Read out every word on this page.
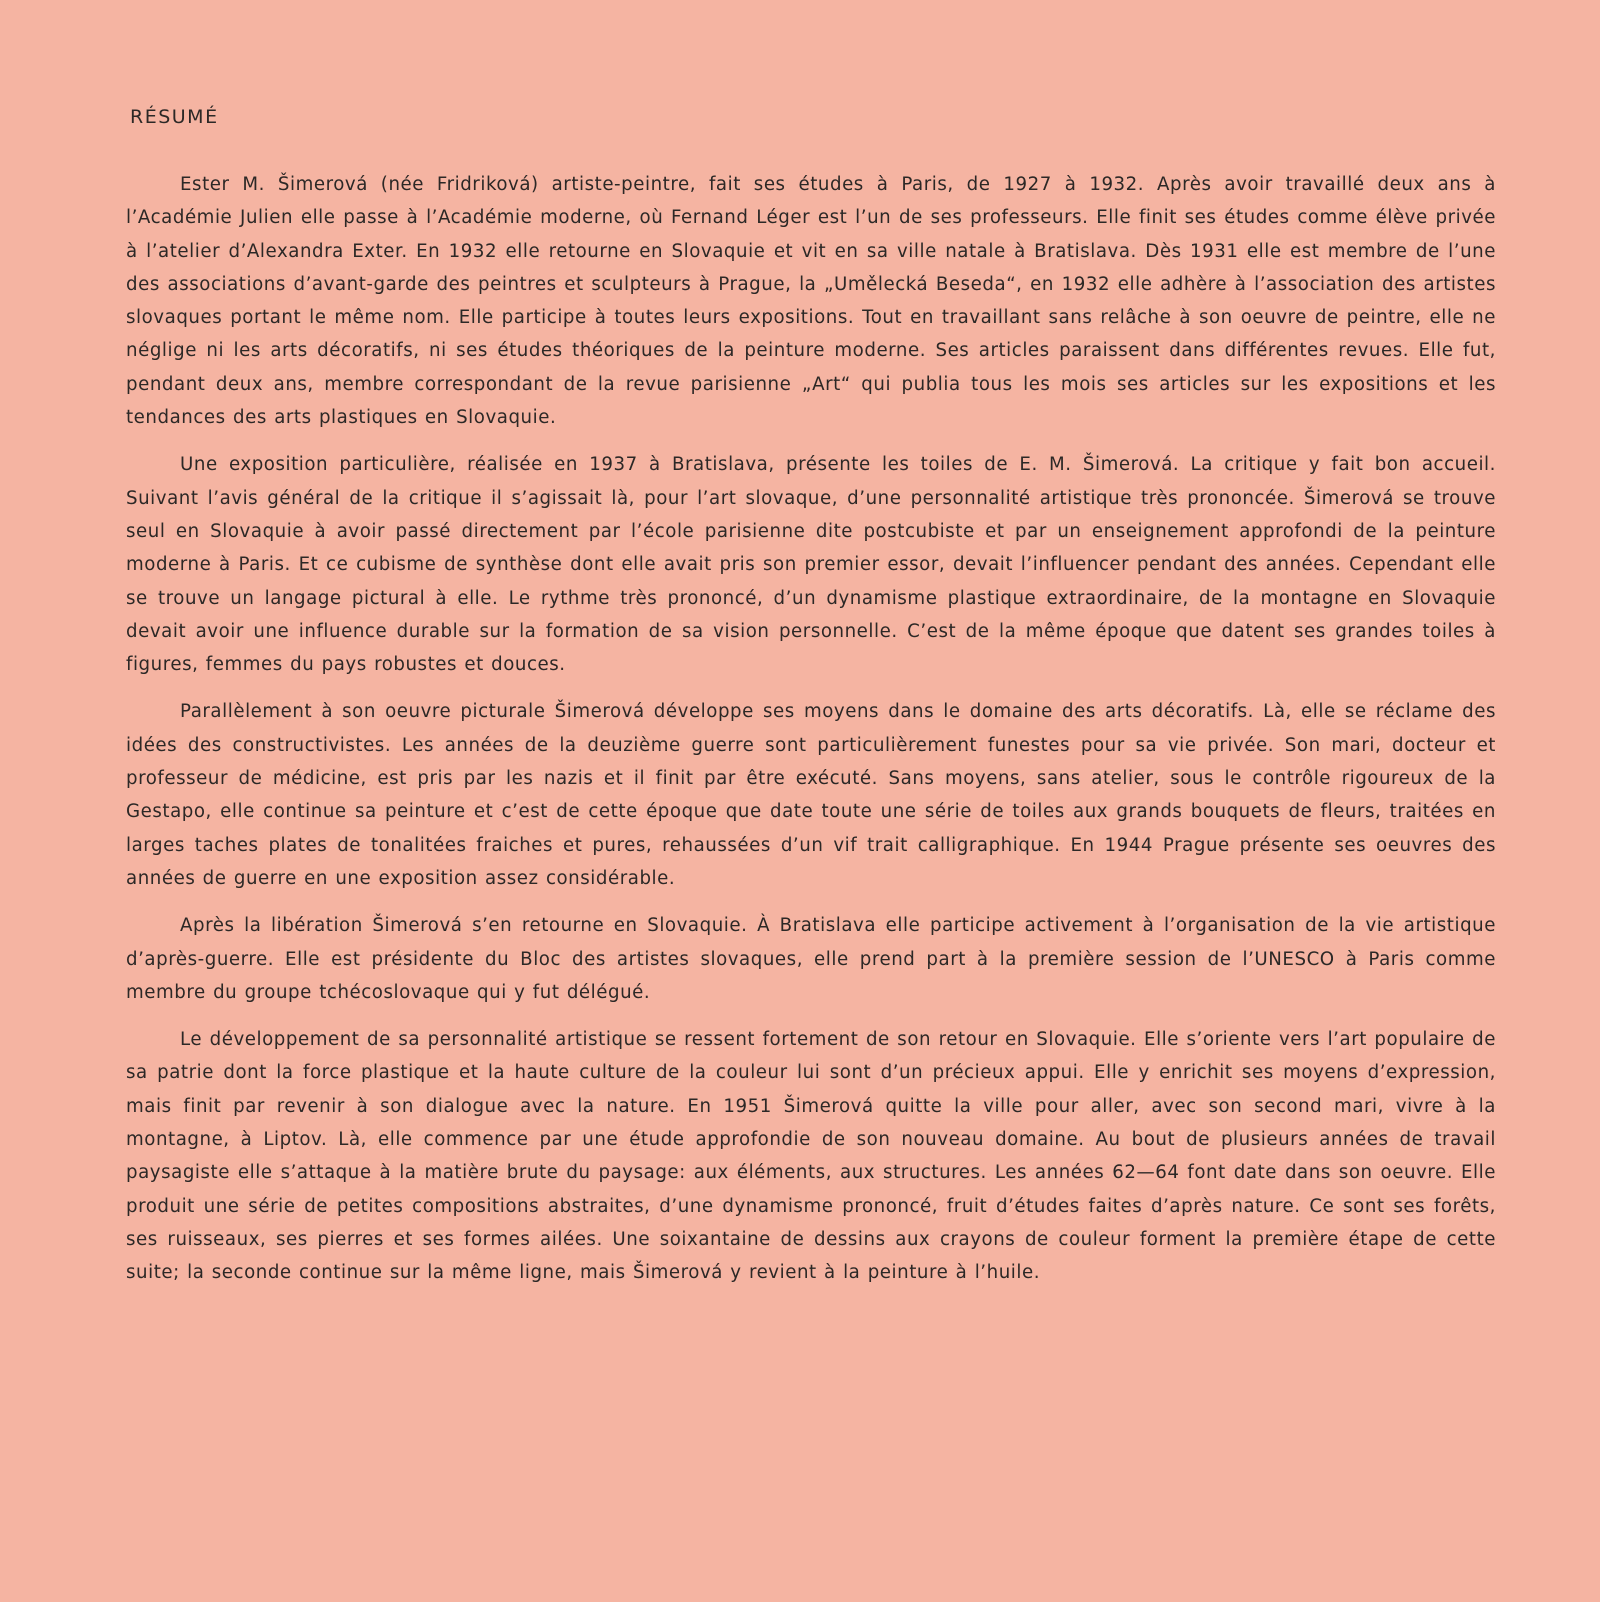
RÉSUMÉ

Ester M. Šimerová (née Fridriková) artiste-peintre, fait ses études à Paris, de 1927 à 1932. Après avoir travaillé deux ans à l’Académie Julien elle passe à l’Académie moderne, où Fernand Léger est l’un de ses professeurs. Elle finit ses études comme élève privée à l’atelier d’Alexandra Exter. En 1932 elle retourne en Slovaquie et vit en sa ville natale à Bratislava. Dès 1931 elle est membre de l’une des associations d’avant-garde des peintres et sculpteurs à Prague, la „Umělecká Beseda“, en 1932 elle adhère à l’association des artistes slovaques portant le même nom. Elle participe à toutes leurs expositions. Tout en travaillant sans relâche à son oeuvre de peintre, elle ne néglige ni les arts décoratifs, ni ses études théoriques de la peinture moderne. Ses articles paraissent dans différentes revues. Elle fut, pendant deux ans, membre correspondant de la revue parisienne „Art“ qui publia tous les mois ses articles sur les expositions et les tendances des arts plastiques en Slovaquie.

Une exposition particulière, réalisée en 1937 à Bratislava, présente les toiles de E. M. Šimerová. La critique y fait bon accueil. Suivant l’avis général de la critique il s’agissait là, pour l’art slovaque, d’une personnalité artistique très prononcée. Šimerová se trouve seul en Slovaquie à avoir passé directement par l’école parisienne dite postcubiste et par un enseignement approfondi de la peinture moderne à Paris. Et ce cubisme de synthèse dont elle avait pris son premier essor, devait l’influencer pendant des années. Cependant elle se trouve un langage pictural à elle. Le rythme très prononcé, d’un dynamisme plastique extraordinaire, de la montagne en Slovaquie devait avoir une influence durable sur la formation de sa vision personnelle. C’est de la même époque que datent ses grandes toiles à figures, femmes du pays robustes et douces.

Parallèlement à son oeuvre picturale Šimerová développe ses moyens dans le domaine des arts décoratifs. Là, elle se réclame des idées des constructivistes. Les années de la deuzième guerre sont particulièrement funestes pour sa vie privée. Son mari, docteur et professeur de médicine, est pris par les nazis et il finit par être exécuté. Sans moyens, sans atelier, sous le contrôle rigoureux de la Gestapo, elle continue sa peinture et c’est de cette époque que date toute une série de toiles aux grands bouquets de fleurs, traitées en larges taches plates de tonalitées fraiches et pures, rehaussées d’un vif trait calligraphique. En 1944 Prague présente ses oeuvres des années de guerre en une exposition assez considérable.

Après la libération Šimerová s’en retourne en Slovaquie. À Bratislava elle participe activement à l’organisation de la vie artistique d’après-guerre. Elle est présidente du Bloc des artistes slovaques, elle prend part à la première session de l’UNESCO à Paris comme membre du groupe tchécoslovaque qui y fut délégué.

Le développement de sa personnalité artistique se ressent fortement de son retour en Slovaquie. Elle s’oriente vers l’art populaire de sa patrie dont la force plastique et la haute culture de la couleur lui sont d’un précieux appui. Elle y enrichit ses moyens d’expression, mais finit par revenir à son dialogue avec la nature. En 1951 Šimerová quitte la ville pour aller, avec son second mari, vivre à la montagne, à Liptov. Là, elle commence par une étude approfondie de son nouveau domaine. Au bout de plusieurs années de travail paysagiste elle s’attaque à la matière brute du paysage: aux éléments, aux structures. Les années 62—64 font date dans son oeuvre. Elle produit une série de petites compositions abstraites, d’une dynamisme prononcé, fruit d’études faites d’après nature. Ce sont ses forêts, ses ruisseaux, ses pierres et ses formes ailées. Une soixantaine de dessins aux crayons de couleur forment la première étape de cette suite; la seconde continue sur la même ligne, mais Šimerová y revient à la peinture à l’huile.
